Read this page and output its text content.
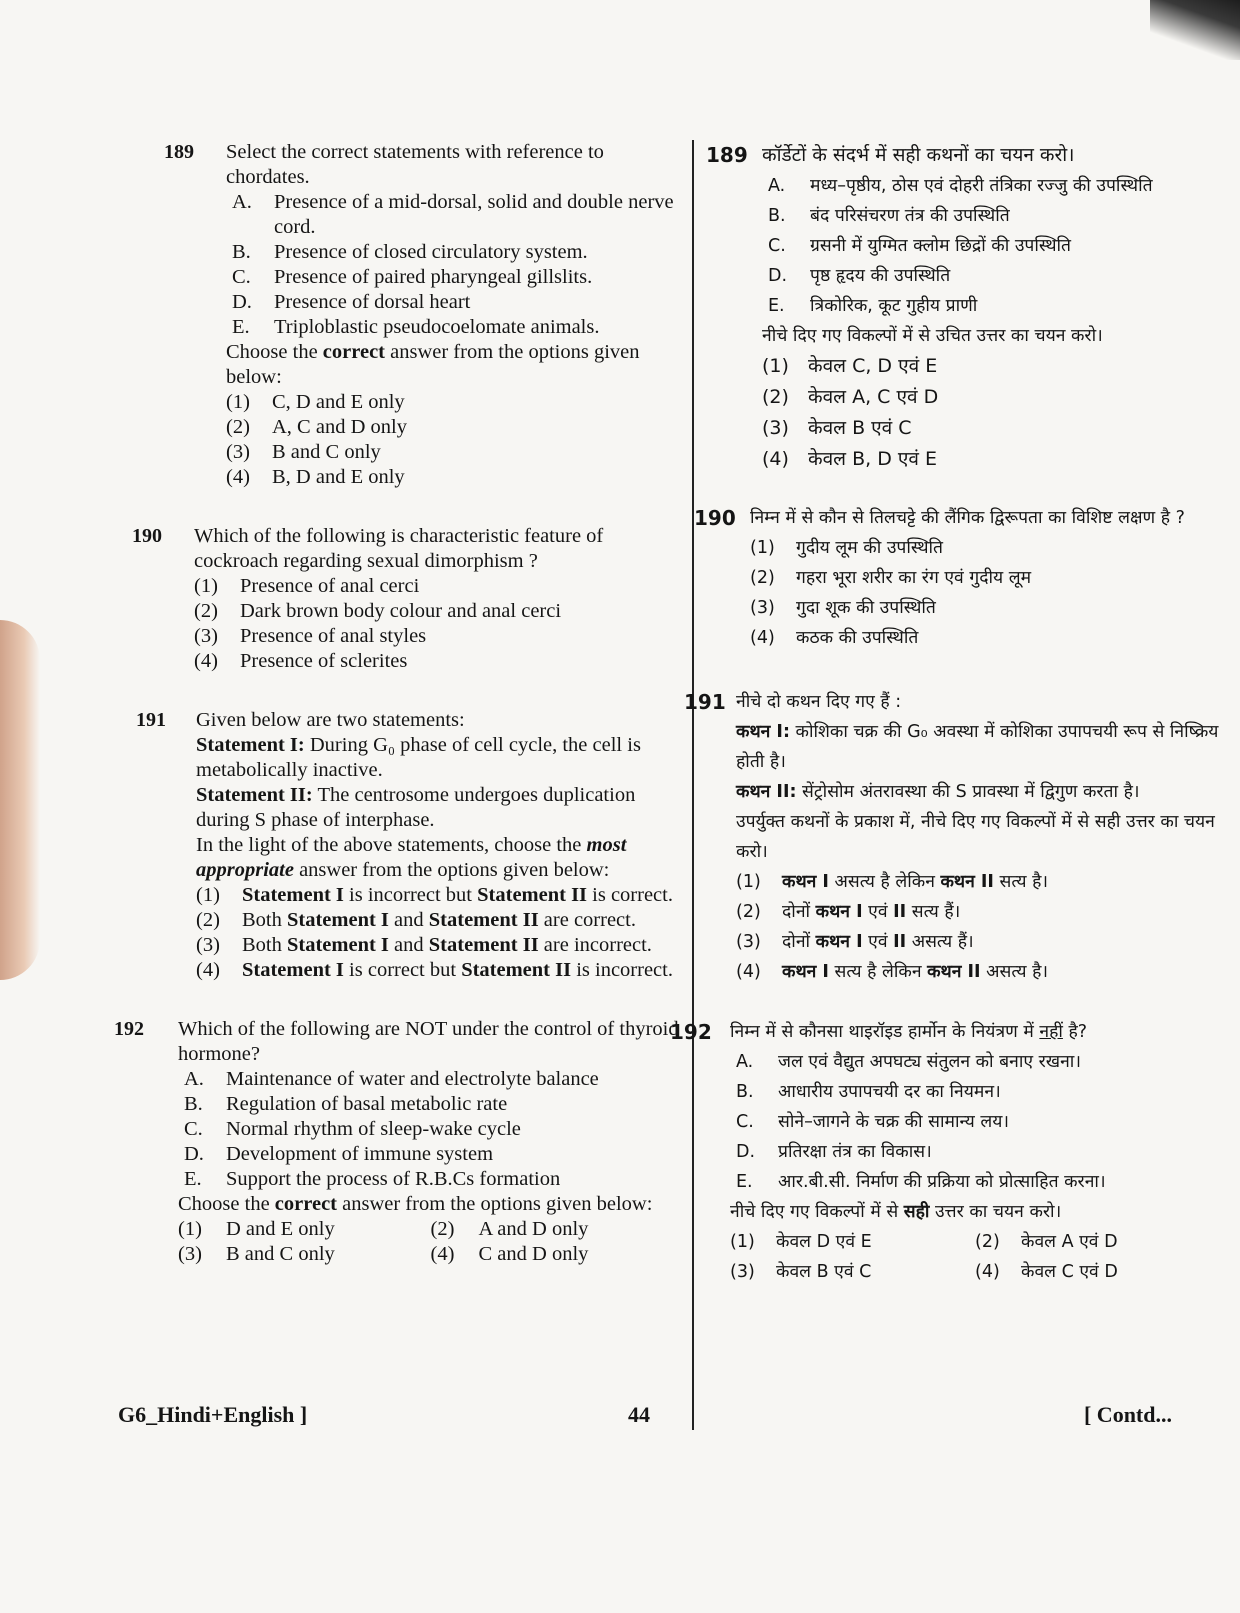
189 Select the correct statements with reference to chordates.

A. Presence of a mid-dorsal, solid and double nerve cord.

B. Presence of closed circulatory system.

C. Presence of paired pharyngeal gillslits.

D. Presence of dorsal heart

E. Triploblastic pseudocoelomate animals.

Choose the correct answer from the options given below:

(1) C, D and E only

(2) A, C and D only

(3) B and C only

(4) B, D and E only

190 Which of the following is characteristic feature of cockroach regarding sexual dimorphism ?

(1) Presence of anal cerci

(2) Dark brown body colour and anal cerci

(3) Presence of anal styles

(4) Presence of sclerites

191 Given below are two statements:

Statement I: During G₀ phase of cell cycle, the cell is metabolically inactive.

Statement II: The centrosome undergoes duplication during S phase of interphase.

In the light of the above statements, choose the most appropriate answer from the options given below:

(1) Statement I is incorrect but Statement II is correct.

(2) Both Statement I and Statement II are correct.

(3) Both Statement I and Statement II are incorrect.

(4) Statement I is correct but Statement II is incorrect.

192 Which of the following are NOT under the control of thyroid hormone?

A. Maintenance of water and electrolyte balance

B. Regulation of basal metabolic rate

C. Normal rhythm of sleep-wake cycle

D. Development of immune system

E. Support the process of R.B.Cs formation

Choose the correct answer from the options given below:

(1) D and E only	(2) A and D only

(3) B and C only	(4) C and D only

189 कॉर्डेटों के संदर्भ में सही कथनों का चयन करो।

A. मध्य–पृष्ठीय, ठोस एवं दोहरी तंत्रिका रज्जु की उपस्थिति

B. बंद परिसंचरण तंत्र की उपस्थिति

C. ग्रसनी में युग्मित क्लोम छिद्रों की उपस्थिति

D. पृष्ठ हृदय की उपस्थिति

E. त्रिकोरिक, कूट गुहीय प्राणी

नीचे दिए गए विकल्पों में से उचित उत्तर का चयन करो।

(1) केवल C, D एवं E

(2) केवल A, C एवं D

(3) केवल B एवं C

(4) केवल B, D एवं E

190 निम्न में से कौन से तिलचट्टे की लैंगिक द्विरूपता का विशिष्ट लक्षण है ?

(1) गुदीय लूम की उपस्थिति

(2) गहरा भूरा शरीर का रंग एवं गुदीय लूम

(3) गुदा शूक की उपस्थिति

(4) कठक की उपस्थिति

191 नीचे दो कथन दिए गए हैं :

कथन I: कोशिका चक्र की G₀ अवस्था में कोशिका उपापचयी रूप से निष्क्रिय होती है।

कथन II: सेंट्रोसोम अंतरावस्था की S प्रावस्था में द्विगुण करता है।

उपर्युक्त कथनों के प्रकाश में, नीचे दिए गए विकल्पों में से सही उत्तर का चयन करो।

(1) कथन I असत्य है लेकिन कथन II सत्य है।

(2) दोनों कथन I एवं II सत्य हैं।

(3) दोनों कथन I एवं II असत्य हैं।

(4) कथन I सत्य है लेकिन कथन II असत्य है।

192 निम्न में से कौनसा थाइरॉइड हार्मोन के नियंत्रण में नहीं है?

A. जल एवं वैद्युत अपघट्य संतुलन को बनाए रखना।

B. आधारीय उपापचयी दर का नियमन।

C. सोने–जागने के चक्र की सामान्य लय।

D. प्रतिरक्षा तंत्र का विकास।

E. आर.बी.सी. निर्माण की प्रक्रिया को प्रोत्साहित करना।

नीचे दिए गए विकल्पों में से सही उत्तर का चयन करो।

(1) केवल D एवं E	(2) केवल A एवं D

(3) केवल B एवं C	(4) केवल C एवं D

G6_Hindi+English ]	44	[ Contd...
